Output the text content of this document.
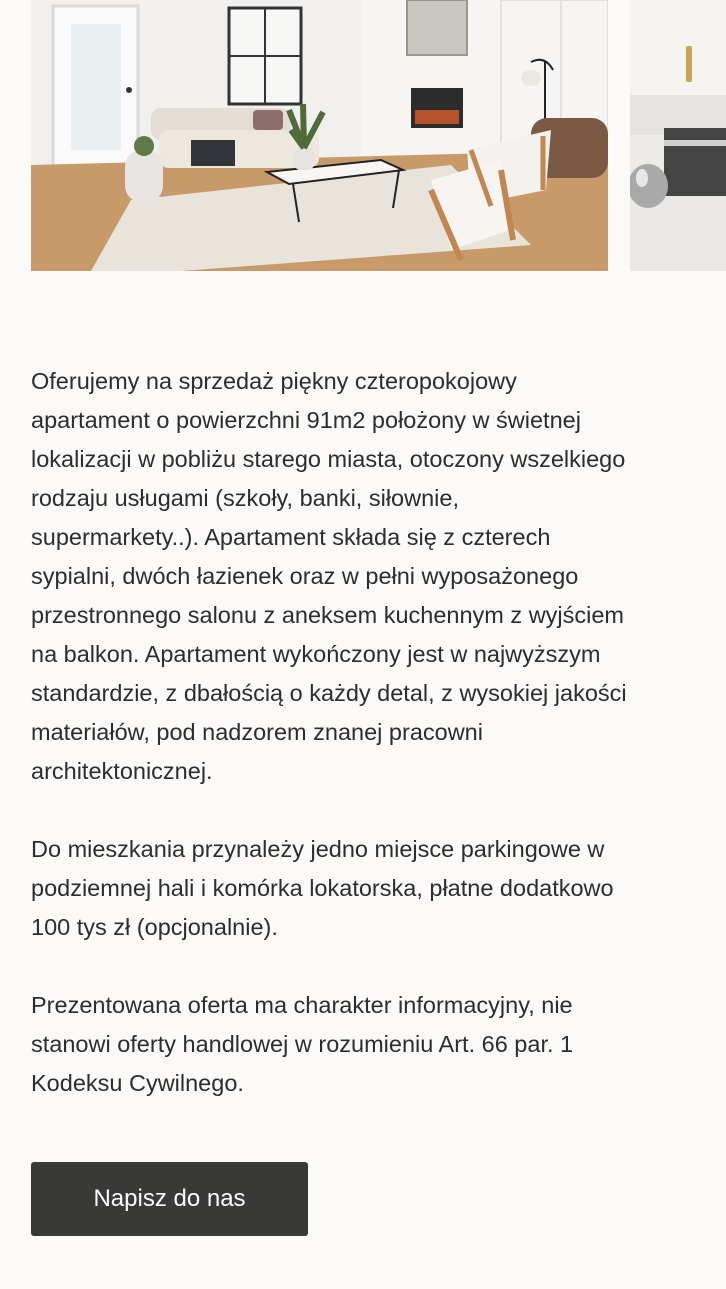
Oferujemy na sprzedaż piękny czteropokojowy
apartament o powierzchni 91m2 położony w świetnej
lokalizacji w pobliżu starego miasta, otoczony wszelkiego
rodzaju usługami (szkoły, banki, siłownie,
supermarkety..). Apartament składa się z czterech
sypialni, dwóch łazienek oraz w pełni wyposażonego
przestronnego salonu z aneksem kuchennym z wyjściem
na balkon. Apartament wykończony jest w najwyższym
standardzie, z dbałością o każdy detal, z wysokiej jakości
materiałów, pod nadzorem znanej pracowni
architektonicznej.

Do mieszkania przynależy jedno miejsce parkingowe w
podziemnej hali i komórka lokatorska, płatne dodatkowo
100 tys zł (opcjonalnie).

Prezentowana oferta ma charakter informacyjny, nie
stanowi oferty handlowej w rozumieniu Art. 66 par. 1
Kodeksu Cywilnego.

Napisz do nas
